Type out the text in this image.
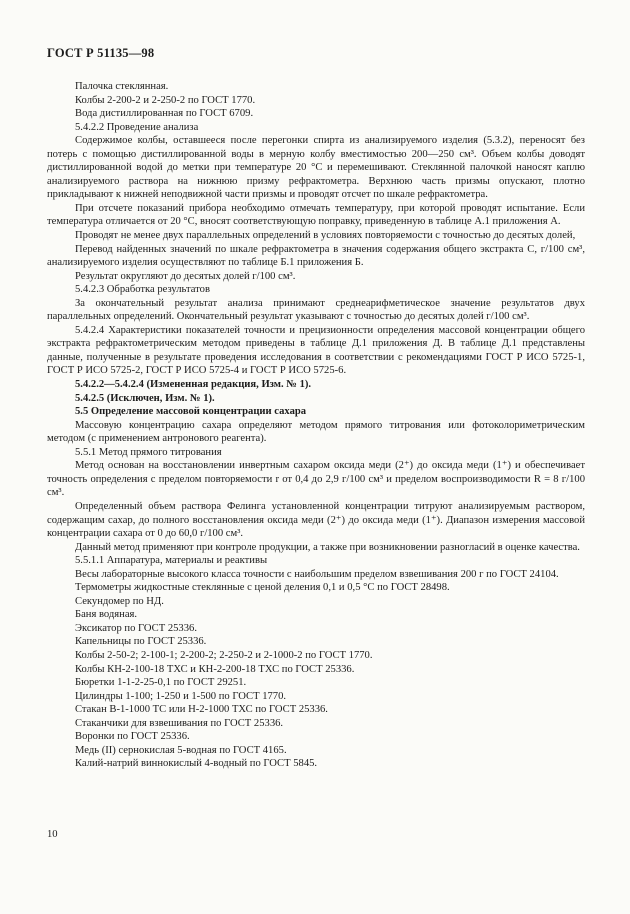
ГОСТ Р 51135—98

Палочка стеклянная.

Колбы 2-200-2 и 2-250-2 по ГОСТ 1770.

Вода дистиллированная по ГОСТ 6709.

5.4.2.2 Проведение анализа

Содержимое колбы, оставшееся после перегонки спирта из анализируемого изделия (5.3.2), переносят без потерь с помощью дистиллированной воды в мерную колбу вместимостью 200—250 см³. Объем колбы доводят дистиллированной водой до метки при температуре 20 °С и перемешивают. Стеклянной палочкой наносят каплю анализируемого раствора на нижнюю призму рефрактометра. Верхнюю часть призмы опускают, плотно прикладывают к нижней неподвижной части призмы и проводят отсчет по шкале рефрактометра.

При отсчете показаний прибора необходимо отмечать температуру, при которой проводят испытание. Если температура отличается от 20 °С, вносят соответствующую поправку, приведенную в таблице А.1 приложения А.

Проводят не менее двух параллельных определений в условиях повторяемости с точностью до десятых долей,

Перевод найденных значений по шкале рефрактометра в значения содержания общего экстракта С, г/100 см³, анализируемого изделия осуществляют по таблице Б.1 приложения Б.

Результат округляют до десятых долей г/100 см³.

5.4.2.3 Обработка результатов

За окончательный результат анализа принимают среднеарифметическое значение результатов двух параллельных определений. Окончательный результат указывают с точностью до десятых долей г/100 см³.

5.4.2.4 Характеристики показателей точности и прецизионности определения массовой концентрации общего экстракта рефрактометрическим методом приведены в таблице Д.1 приложения Д. В таблице Д.1 представлены данные, полученные в результате проведения исследования в соответствии с рекомендациями ГОСТ Р ИСО 5725-1, ГОСТ Р ИСО 5725-2, ГОСТ Р ИСО 5725-4 и ГОСТ Р ИСО 5725-6.

5.4.2.2—5.4.2.4 (Измененная редакция, Изм. № 1).

5.4.2.5 (Исключен, Изм. № 1).

5.5 Определение массовой концентрации сахара

Массовую концентрацию сахара определяют методом прямого титрования или фотоколориметрическим методом (с применением антронового реагента).

5.5.1 Метод прямого титрования

Метод основан на восстановлении инвертным сахаром оксида меди (2⁺) до оксида меди (1⁺) и обеспечивает точность определения с пределом повторяемости r от 0,4 до 2,9 г/100 см³ и пределом воспроизводимости R = 8 г/100 см³.

Определенный объем раствора Фелинга установленной концентрации титруют анализируемым раствором, содержащим сахар, до полного восстановления оксида меди (2⁺) до оксида меди (1⁺). Диапазон измерения массовой концентрации сахара от 0 до 60,0 г/100 см³.

Данный метод применяют при контроле продукции, а также при возникновении разногласий в оценке качества.

5.5.1.1 Аппаратура, материалы и реактивы

Весы лабораторные высокого класса точности с наибольшим пределом взвешивания 200 г по ГОСТ 24104.

Термометры жидкостные стеклянные с ценой деления 0,1 и 0,5 °С по ГОСТ 28498.

Секундомер по НД.

Баня водяная.

Эксикатор по ГОСТ 25336.

Капельницы по ГОСТ 25336.

Колбы 2-50-2; 2-100-1; 2-200-2; 2-250-2 и 2-1000-2 по ГОСТ 1770.

Колбы КН-2-100-18 ТХС и КН-2-200-18 ТХС по ГОСТ 25336.

Бюретки 1-1-2-25-0,1 по ГОСТ 29251.

Цилиндры 1-100; 1-250 и 1-500 по ГОСТ 1770.

Стакан В-1-1000 ТС или Н-2-1000 ТХС по ГОСТ 25336.

Стаканчики для взвешивания по ГОСТ 25336.

Воронки по ГОСТ 25336.

Медь (II) сернокислая 5-водная по ГОСТ 4165.

Калий-натрий виннокислый 4-водный по ГОСТ 5845.

10
